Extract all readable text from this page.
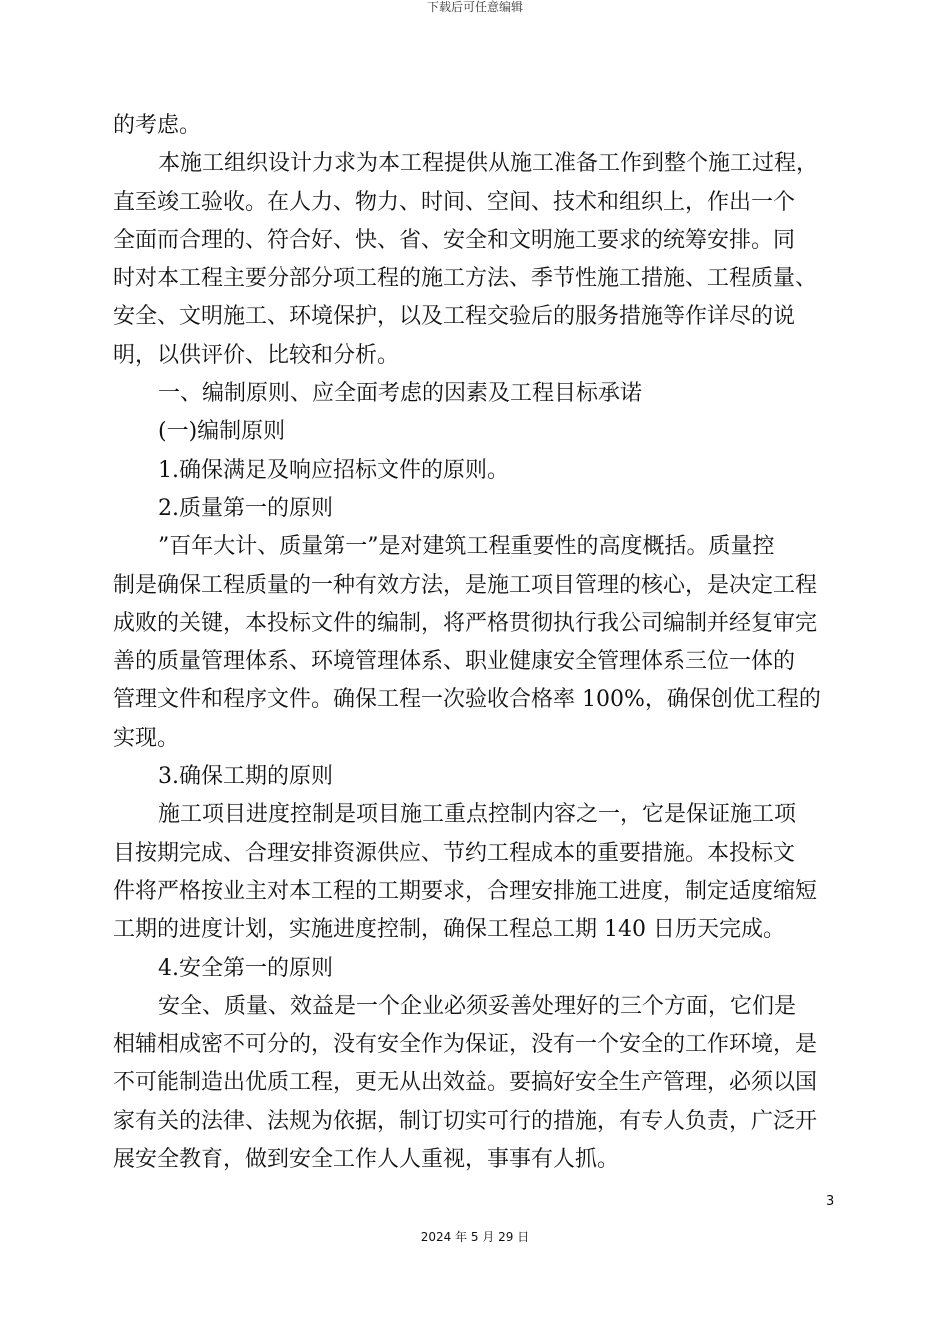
下载后可任意编辑
的考虑。
本施工组织设计力求为本工程提供从施工准备工作到整个施工过程，
直至竣工验收。在人力、物力、时间、空间、技术和组织上，作出一个
全面而合理的、符合好、快、省、安全和文明施工要求的统筹安排。同
时对本工程主要分部分项工程的施工方法、季节性施工措施、工程质量、
安全、文明施工、环境保护，以及工程交验后的服务措施等作详尽的说
明，以供评价、比较和分析。
一、编制原则、应全面考虑的因素及工程目标承诺
(一)编制原则
1.确保满足及响应招标文件的原则。
2.质量第一的原则
”百年大计、质量第一”是对建筑工程重要性的高度概括。质量控
制是确保工程质量的一种有效方法，是施工项目管理的核心，是决定工程
成败的关键，本投标文件的编制，将严格贯彻执行我公司编制并经复审完
善的质量管理体系、环境管理体系、职业健康安全管理体系三位一体的
管理文件和程序文件。确保工程一次验收合格率 100%，确保创优工程的
实现。
3.确保工期的原则
施工项目进度控制是项目施工重点控制内容之一，它是保证施工项
目按期完成、合理安排资源供应、节约工程成本的重要措施。本投标文
件将严格按业主对本工程的工期要求，合理安排施工进度，制定适度缩短
工期的进度计划，实施进度控制，确保工程总工期 140 日历天完成。
4.安全第一的原则
安全、质量、效益是一个企业必须妥善处理好的三个方面，它们是
相辅相成密不可分的，没有安全作为保证，没有一个安全的工作环境，是
不可能制造出优质工程，更无从出效益。要搞好安全生产管理，必须以国
家有关的法律、法规为依据，制订切实可行的措施，有专人负责，广泛开
展安全教育，做到安全工作人人重视，事事有人抓。
3
2024 年 5 月 29 日
